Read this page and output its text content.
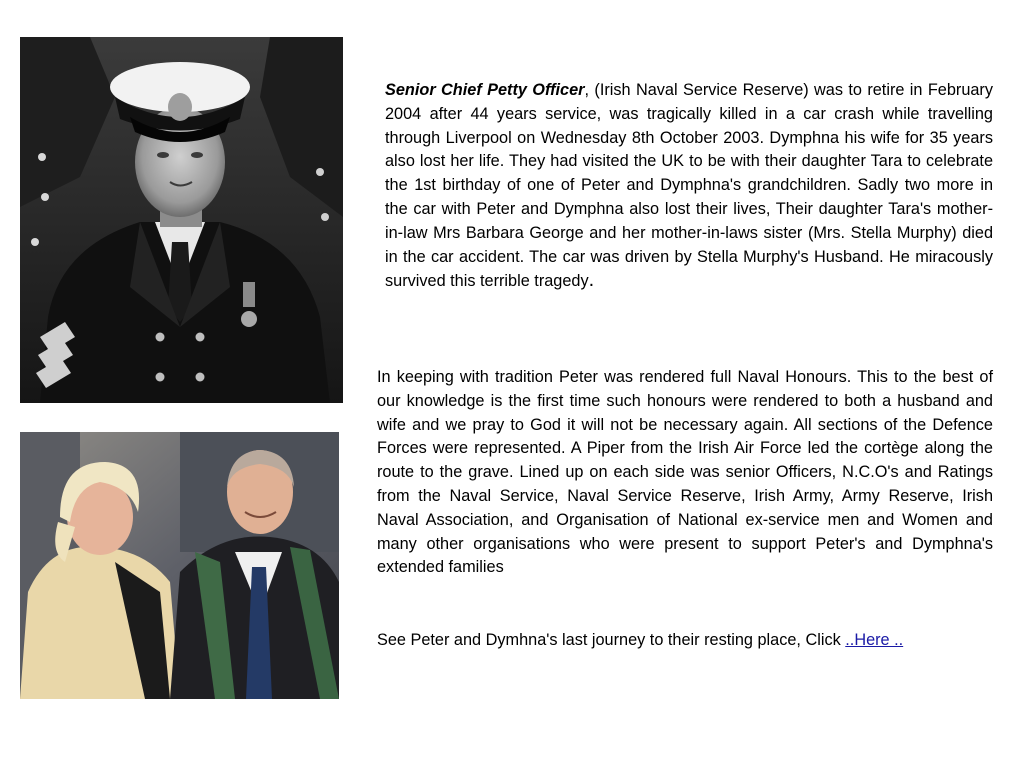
Senior Chief Petty Officer, (Irish Naval Service Reserve) was to retire in February 2004 after 44 years service, was tragically killed in a car crash while travelling through Liverpool on Wednesday 8th October 2003. Dymphna his wife for 35 years also lost her life. They had visited the UK to be with their daughter Tara to celebrate the 1st birthday of one of Peter and Dymphna's grandchildren. Sadly two more in the car with Peter and Dymphna also lost their lives, Their daughter Tara's mother-in-law Mrs Barbara George and her mother-in-laws sister (Mrs. Stella Murphy) died in the car accident. The car was driven by Stella Murphy's Husband. He miracously survived this terrible tragedy.

In keeping with tradition Peter was rendered full Naval Honours. This to the best of our knowledge is the first time such honours were rendered to both a husband and wife and we pray to God it will not be necessary again. All sections of the Defence Forces were represented. A Piper from the Irish Air Force led the cortège along the route to the grave. Lined up on each side was senior Officers, N.C.O's and Ratings from the Naval Service, Naval Service Reserve, Irish Army, Army Reserve, Irish Naval Association, and Organisation of National ex-service men and Women and many other organisations who were present to support Peter's and Dymphna's extended families

See Peter and Dymhna's last journey to their resting place, Click ..Here ..
